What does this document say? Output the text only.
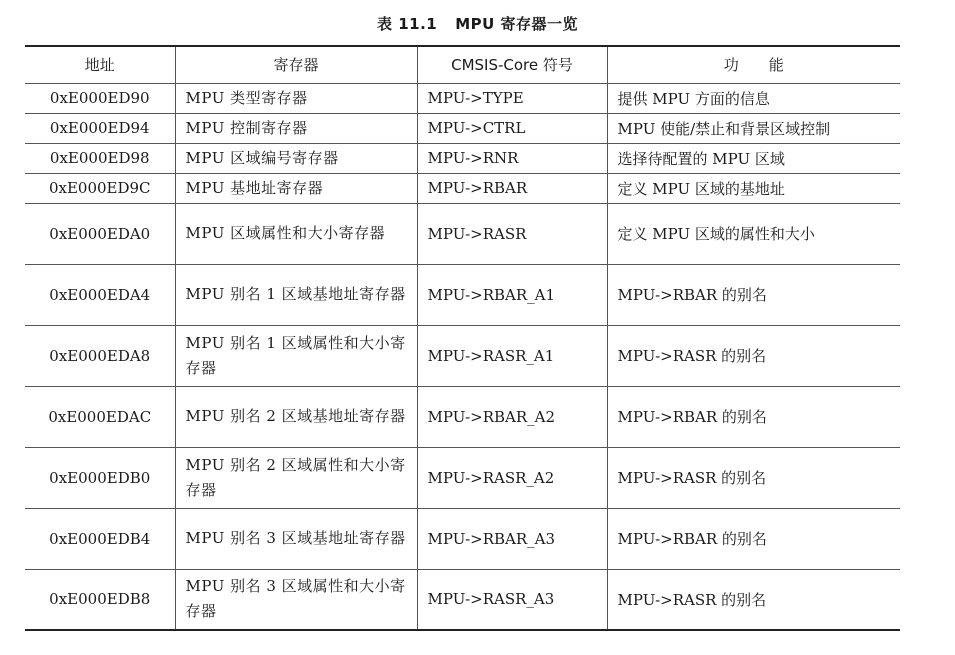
表 11.1 MPU 寄存器一览
地址	寄存器	CMSIS-Core 符号	功　　能
0xE000ED90	MPU 类型寄存器	MPU->TYPE	提供 MPU 方面的信息
0xE000ED94	MPU 控制寄存器	MPU->CTRL	MPU 使能/禁止和背景区域控制
0xE000ED98	MPU 区域编号寄存器	MPU->RNR	选择待配置的 MPU 区域
0xE000ED9C	MPU 基地址寄存器	MPU->RBAR	定义 MPU 区域的基地址
0xE000EDA0	MPU 区域属性和大小寄存器	MPU->RASR	定义 MPU 区域的属性和大小
0xE000EDA4	MPU 别名 1 区域基地址寄存器	MPU->RBAR_A1	MPU->RBAR 的别名
0xE000EDA8	MPU 别名 1 区域属性和大小寄存器	MPU->RASR_A1	MPU->RASR 的别名
0xE000EDAC	MPU 别名 2 区域基地址寄存器	MPU->RBAR_A2	MPU->RBAR 的别名
0xE000EDB0	MPU 别名 2 区域属性和大小寄存器	MPU->RASR_A2	MPU->RASR 的别名
0xE000EDB4	MPU 别名 3 区域基地址寄存器	MPU->RBAR_A3	MPU->RBAR 的别名
0xE000EDB8	MPU 别名 3 区域属性和大小寄存器	MPU->RASR_A3	MPU->RASR 的别名
